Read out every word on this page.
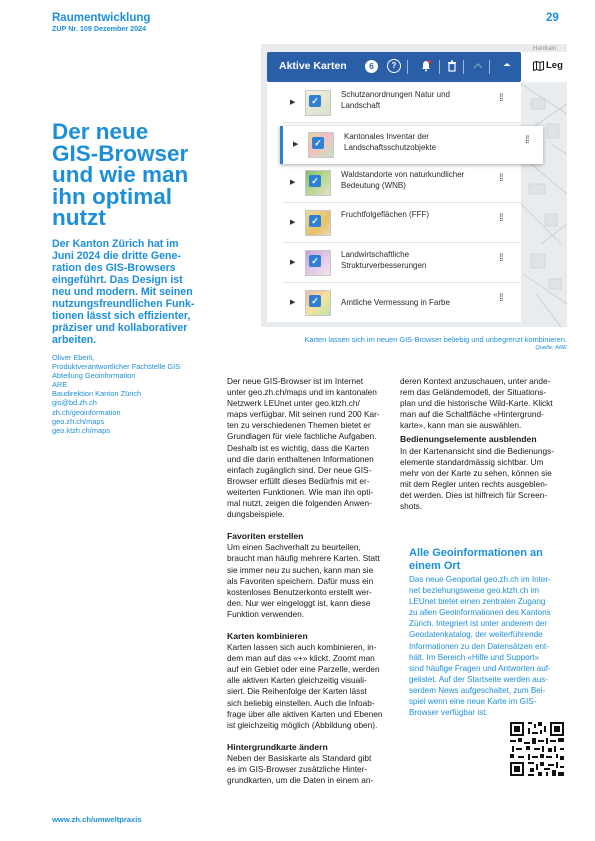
Raumentwicklung
ZUP Nr. 109 Dezember 2024
29
Der neue
GIS-Browser
und wie man
ihn optimal
nutzt
Der Kanton Zürich hat im
Juni 2024 die dritte Gene-
ration des GIS-Browsers
eingeführt. Das Design ist
neu und modern. Mit seinen
nutzungsfreundlichen Funk-
tionen lässt sich effizienter,
präziser und kollaborativer
arbeiten.
Oliver Eberli,
Produktverantwortlicher Fachstelle GIS
Abteilung Geoinformation
ARE
Baudirektion Kanton Zürich
gis@bd.zh.ch
zh.ch/geoinformation
geo.zh.ch/maps
geo.ktzh.ch/maps
Hardrain
Aktive Karten	6	?	Leg
▶ ✓
Schutzanordnungen Natur und
Landschaft
⁞⁞
▶ ✓
Waldstandorte von naturkundlicher
Bedeutung (WNB)
⁞⁞
▶ ✓
Fruchtfolgeflächen (FFF)	⁞⁞
▶ ✓
Landwirtschaftliche
Strukturverbesserungen
⁞⁞
▶ ✓	Amtliche Vermessung in Farbe	⁞⁞
▶ ✓
Kantonales Inventar der
Landschaftsschutzobjekte
⁞⁞
Karten lassen sich im neuen GIS-Browser beliebig und unbegrenzt kombinieren.
Quelle: ARE
Der neue GIS-Browser ist im Internet
unter geo.zh.ch/maps und im kantonalen
Netzwerk LEUnet unter geo.ktzh.ch/
maps verfügbar. Mit seinen rund 200 Kar-
ten zu verschiedenen Themen bietet er
Grundlagen für viele fachliche Aufgaben.
Deshalb ist es wichtig, dass die Karten
und die darin enthaltenen Informationen
einfach zugänglich sind. Der neue GIS-
Browser erfüllt dieses Bedürfnis mit er-
weiterten Funktionen. Wie man ihn opti-
mal nutzt, zeigen die folgenden Anwen-
dungsbeispiele.
Favoriten erstellen
Um einen Sachverhalt zu beurteilen,
braucht man häufig mehrere Karten. Statt
sie immer neu zu suchen, kann man sie
als Favoriten speichern. Dafür muss ein
kostenloses Benutzerkonto erstellt wer-
den. Nur wer eingeloggt ist, kann diese
Funktion verwenden.
Karten kombinieren
Karten lassen sich auch kombinieren, in-
dem man auf das «+» klickt. Zoomt man
auf ein Gebiet oder eine Parzelle, werden
alle aktiven Karten gleichzeitig visuali-
siert. Die Reihenfolge der Karten lässt
sich beliebig einstellen. Auch die Infoab-
frage über alle aktiven Karten und Ebenen
ist gleichzeitig möglich (Abbildung oben).
Hintergrundkarte ändern
Neben der Basiskarte als Standard gibt
es im GIS-Browser zusätzliche Hinter-
grundkarten, um die Daten in einem an-
deren Kontext anzuschauen, unter ande-
rem das Geländemodell, der Situations-
plan und die historische Wild-Karte. Klickt
man auf die Schaltfläche «Hintergrund-
karte», kann man sie auswählen.
Bedienungselemente ausblenden
In der Kartenansicht sind die Bedienungs-
elemente standardmässig sichtbar. Um
mehr von der Karte zu sehen, können sie
mit dem Regler unten rechts ausgeblen-
det werden. Dies ist hilfreich für Screen-
shots.
Alle Geoinformationen an
einem Ort
Das neue Geoportal geo.zh.ch im Inter-
net beziehungsweise geo.ktzh.ch im
LEUnet bietet einen zentralen Zugang
zu allen Geoinformationen des Kantons
Zürich. Integriert ist unter anderem der
Geodatenkatalog, der weiterführende
Informationen zu den Datensätzen ent-
hält. Im Bereich «Hilfe und Support»
sind häufige Fragen und Antworten auf-
gelistet. Auf der Startseite werden aus-
serdem News aufgeschaltet, zum Bei-
spiel wenn eine neue Karte im GIS-
Browser verfügbar ist.
www.zh.ch/umweltpraxis
